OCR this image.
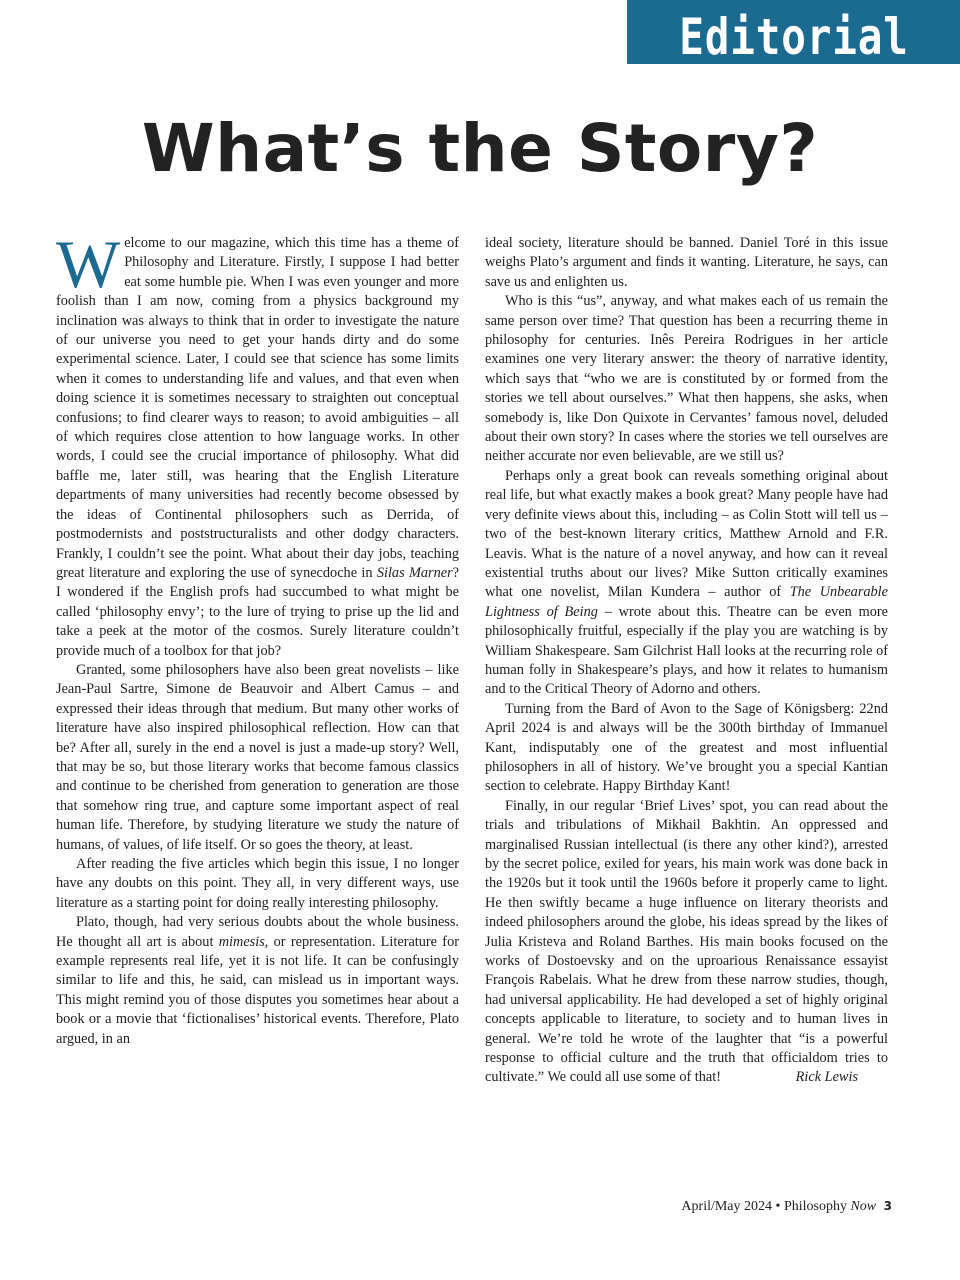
Editorial
What’s the Story?

Welcome to our magazine, which this time has a theme of Philosophy and Literature. Firstly, I suppose I had better eat some humble pie. When I was even younger and more foolish than I am now, coming from a physics background my inclination was always to think that in order to investigate the nature of our universe you need to get your hands dirty and do some experimental science. Later, I could see that science has some limits when it comes to understanding life and values, and that even when doing science it is sometimes necessary to straighten out conceptual confusions; to find clearer ways to reason; to avoid ambiguities – all of which requires close attention to how language works. In other words, I could see the crucial importance of philosophy. What did baffle me, later still, was hearing that the English Literature departments of many universities had recently become obsessed by the ideas of Continental philosophers such as Derrida, of postmodernists and poststructuralists and other dodgy characters. Frankly, I couldn’t see the point. What about their day jobs, teaching great literature and exploring the use of synecdoche in Silas Marner? I wondered if the English profs had succumbed to what might be called ‘philosophy envy’; to the lure of trying to prise up the lid and take a peek at the motor of the cosmos. Surely literature couldn’t provide much of a toolbox for that job?

Granted, some philosophers have also been great novelists – like Jean-Paul Sartre, Simone de Beauvoir and Albert Camus – and expressed their ideas through that medium. But many other works of literature have also inspired philosophical reflection. How can that be? After all, surely in the end a novel is just a made-up story? Well, that may be so, but those literary works that become famous classics and continue to be cherished from generation to generation are those that somehow ring true, and capture some important aspect of real human life. Therefore, by studying literature we study the nature of humans, of values, of life itself. Or so goes the theory, at least.

After reading the five articles which begin this issue, I no longer have any doubts on this point. They all, in very different ways, use literature as a starting point for doing really interesting philosophy.

Plato, though, had very serious doubts about the whole business. He thought all art is about mimesis, or representation. Literature for example represents real life, yet it is not life. It can be confusingly similar to life and this, he said, can mislead us in important ways. This might remind you of those disputes you sometimes hear about a book or a movie that ‘fictionalises’ historical events. Therefore, Plato argued, in an

ideal society, literature should be banned. Daniel Toré in this issue weighs Plato’s argument and finds it wanting. Literature, he says, can save us and enlighten us.

Who is this “us”, anyway, and what makes each of us remain the same person over time? That question has been a recurring theme in philosophy for centuries. Inês Pereira Rodrigues in her article examines one very literary answer: the theory of narrative identity, which says that “who we are is constituted by or formed from the stories we tell about ourselves.” What then happens, she asks, when somebody is, like Don Quixote in Cervantes’ famous novel, deluded about their own story? In cases where the stories we tell ourselves are neither accurate nor even believable, are we still us?

Perhaps only a great book can reveals something original about real life, but what exactly makes a book great? Many people have had very definite views about this, including – as Colin Stott will tell us – two of the best-known literary critics, Matthew Arnold and F.R. Leavis. What is the nature of a novel anyway, and how can it reveal existential truths about our lives? Mike Sutton critically examines what one novelist, Milan Kundera – author of The Unbearable Lightness of Being – wrote about this. Theatre can be even more philosophically fruitful, especially if the play you are watching is by William Shakespeare. Sam Gilchrist Hall looks at the recurring role of human folly in Shakespeare’s plays, and how it relates to humanism and to the Critical Theory of Adorno and others.

Turning from the Bard of Avon to the Sage of Königsberg: 22nd April 2024 is and always will be the 300th birthday of Immanuel Kant, indisputably one of the greatest and most influential philosophers in all of history. We’ve brought you a special Kantian section to celebrate. Happy Birthday Kant!

Finally, in our regular ‘Brief Lives’ spot, you can read about the trials and tribulations of Mikhail Bakhtin. An oppressed and marginalised Russian intellectual (is there any other kind?), arrested by the secret police, exiled for years, his main work was done back in the 1920s but it took until the 1960s before it properly came to light. He then swiftly became a huge influence on literary theorists and indeed philosophers around the globe, his ideas spread by the likes of Julia Kristeva and Roland Barthes. His main books focused on the works of Dostoevsky and on the uproarious Renaissance essayist François Rabelais. What he drew from these narrow studies, though, had universal applicability. He had developed a set of highly original concepts applicable to literature, to society and to human lives in general. We’re told he wrote of the laughter that “is a powerful response to official culture and the truth that officialdom tries to cultivate.” We could all use some of that!	Rick Lewis

April/May 2024 • Philosophy Now 3
